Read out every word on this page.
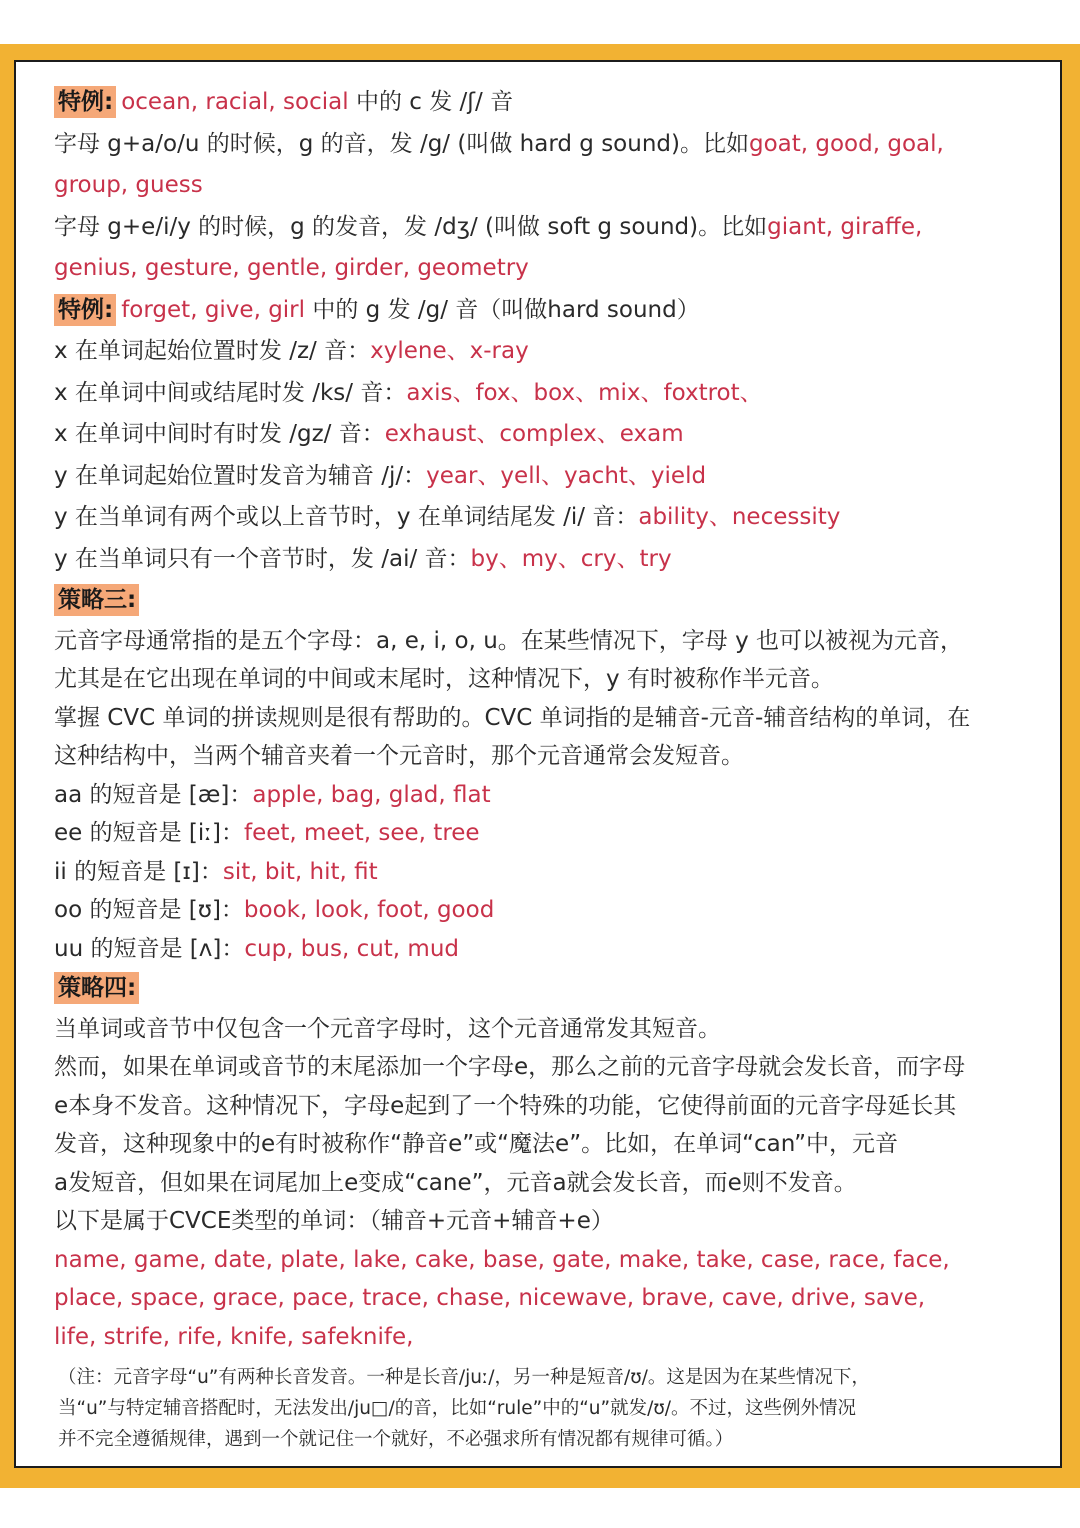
特例: ocean, racial, social 中的 c 发 /ʃ/ 音
字母 g+a/o/u 的时候，g 的音，发 /g/ (叫做 hard g sound)。比如goat, good, goal,
group, guess
字母 g+e/i/y 的时候，g 的发音，发 /dʒ/ (叫做 soft g sound)。比如giant, giraffe,
genius, gesture, gentle, girder, geometry
特例: forget, give, girl 中的 g 发 /g/ 音（叫做hard sound）
x 在单词起始位置时发 /z/ 音：xylene、x-ray
x 在单词中间或结尾时发 /ks/ 音：axis、fox、box、mix、foxtrot、
x 在单词中间时有时发 /gz/ 音：exhaust、complex、exam
y 在单词起始位置时发音为辅音 /j/：year、yell、yacht、yield
y 在当单词有两个或以上音节时，y 在单词结尾发 /i/ 音：ability、necessity
y 在当单词只有一个音节时，发 /ai/ 音：by、my、cry、try
策略三:
元音字母通常指的是五个字母：a, e, i, o, u。在某些情况下，字母 y 也可以被视为元音，
尤其是在它出现在单词的中间或末尾时，这种情况下，y 有时被称作半元音。
掌握 CVC 单词的拼读规则是很有帮助的。CVC 单词指的是辅音-元音-辅音结构的单词，在
这种结构中，当两个辅音夹着一个元音时，那个元音通常会发短音。
aa 的短音是 [æ]：apple, bag, glad, flat
ee 的短音是 [iː]：feet, meet, see, tree
ii 的短音是 [ɪ]：sit, bit, hit, fit
oo 的短音是 [ʊ]：book, look, foot, good
uu 的短音是 [ʌ]：cup, bus, cut, mud
策略四:
当单词或音节中仅包含一个元音字母时，这个元音通常发其短音。
然而，如果在单词或音节的末尾添加一个字母e，那么之前的元音字母就会发长音，而字母
e本身不发音。这种情况下，字母e起到了一个特殊的功能，它使得前面的元音字母延长其
发音，这种现象中的e有时被称作“静音e”或“魔法e”。比如，在单词“can”中，元音
a发短音，但如果在词尾加上e变成“cane”，元音a就会发长音，而e则不发音。
以下是属于CVCE类型的单词：（辅音+元音+辅音+e）
name, game, date, plate, lake, cake, base, gate, make, take, case, race, face,
place, space, grace, pace, trace, chase, nicewave, brave, cave, drive, save,
life, strife, rife, knife, safeknife,
（注：元音字母“u”有两种长音发音。一种是长音/juː/，另一种是短音/ʊ/。这是因为在某些情况下，
当“u”与特定辅音搭配时，无法发出/ju□/的音，比如“rule”中的“u”就发/ʊ/。不过，这些例外情况
并不完全遵循规律，遇到一个就记住一个就好，不必强求所有情况都有规律可循。）
